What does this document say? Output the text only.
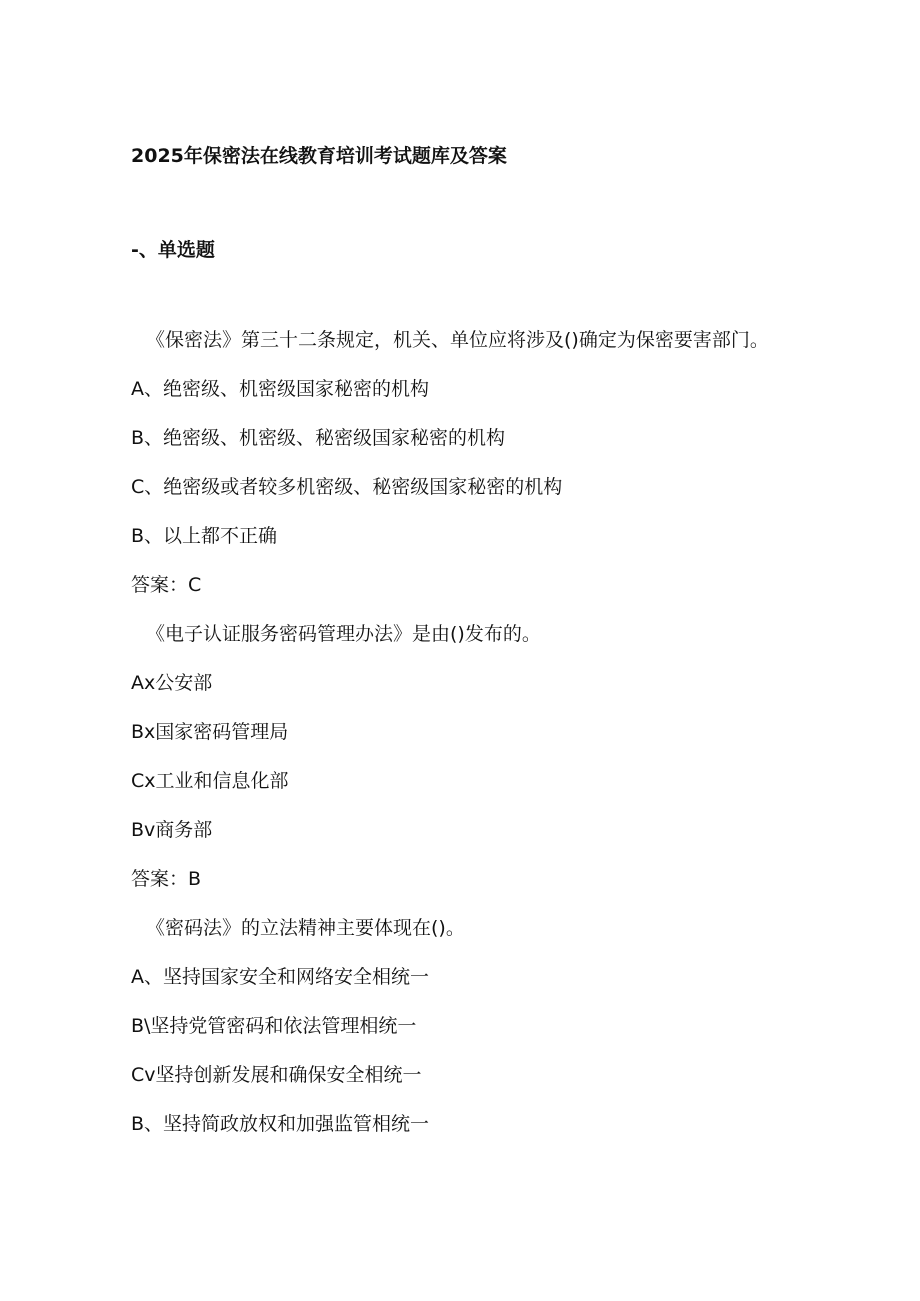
2025年保密法在线教育培训考试题库及答案
-、单选题
《保密法》第三十二条规定，机关、单位应将涉及()确定为保密要害部门。
A、绝密级、机密级国家秘密的机构
B、绝密级、机密级、秘密级国家秘密的机构
C、绝密级或者较多机密级、秘密级国家秘密的机构
B、以上都不正确
答案：C
《电子认证服务密码管理办法》是由()发布的。
Ax公安部
Bx国家密码管理局
Cx工业和信息化部
Bv商务部
答案：B
《密码法》的立法精神主要体现在()。
A、坚持国家安全和网络安全相统一
B\坚持党管密码和依法管理相统一
Cv坚持创新发展和确保安全相统一
B、坚持简政放权和加强监管相统一
